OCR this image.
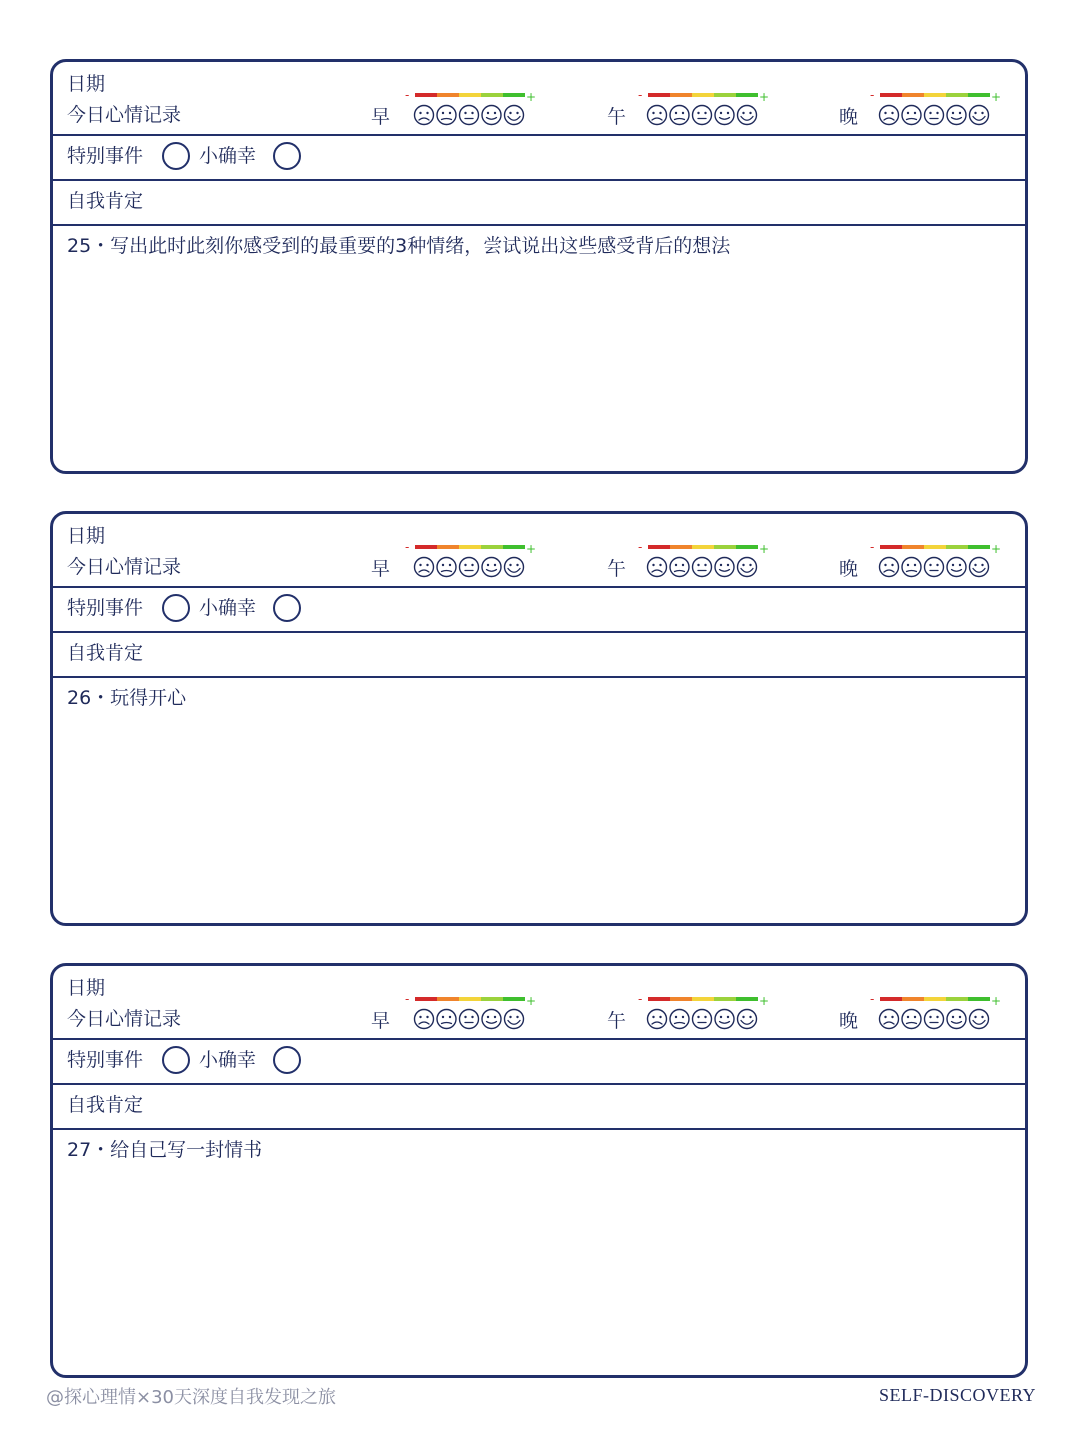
日期
今日心情记录	早
-	+
午
-	+
晚
-	+
特别事件	小确幸
自我肯定
25・写出此时此刻你感受到的最重要的3种情绪，尝试说出这些感受背后的想法
日期
今日心情记录	早
-	+
午
-	+
晚
-	+
特别事件	小确幸
自我肯定
26・玩得开心
日期
今日心情记录	早
-	+
午
-	+
晚
-	+
特别事件	小确幸
自我肯定
27・给自己写一封情书
@探心理情×30天深度自我发现之旅	SELF-DISCOVERY
